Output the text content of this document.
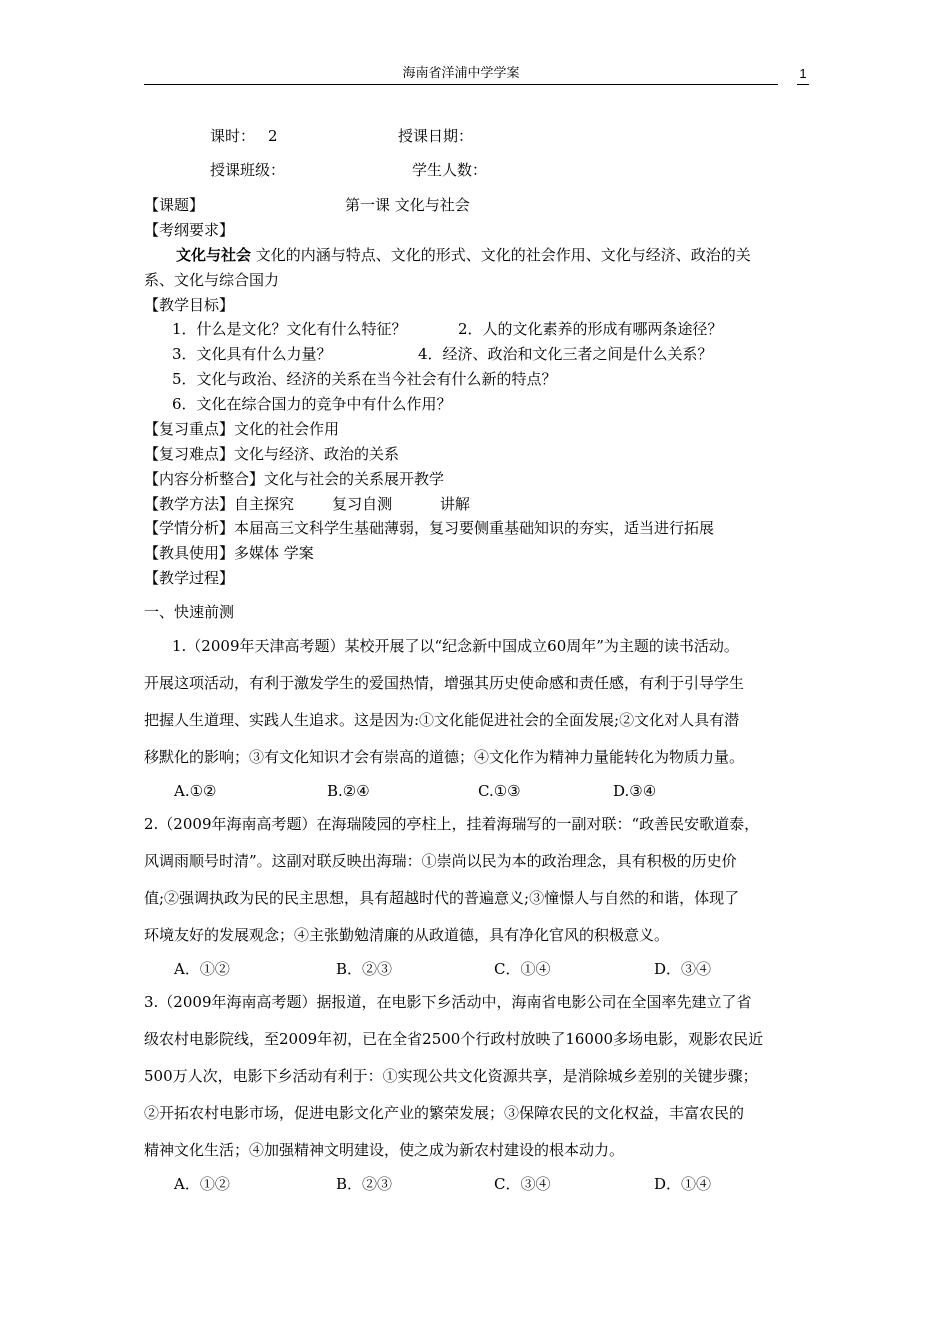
海南省洋浦中学学案	1
课时： 2	授课日期：
授课班级：	学生人数：
【课题】	第一课 文化与社会
【考纲要求】
文化与社会 文化的内涵与特点、文化的形式、文化的社会作用、文化与经济、政治的关
系、文化与综合国力
【教学目标】
1．什么是文化？文化有什么特征？	2．人的文化素养的形成有哪两条途径？
3．文化具有什么力量？	4．经济、政治和文化三者之间是什么关系？
5．文化与政治、经济的关系在当今社会有什么新的特点？
6．文化在综合国力的竞争中有什么作用？
【复习重点】文化的社会作用
【复习难点】文化与经济、政治的关系
【内容分析整合】文化与社会的关系展开教学
【教学方法】自主探究        复习自测          讲解
【学情分析】本届高三文科学生基础薄弱，复习要侧重基础知识的夯实，适当进行拓展
【教具使用】多媒体 学案
【教学过程】
一、快速前测
1.（2009年天津高考题）某校开展了以“纪念新中国成立60周年”为主题的读书活动。
开展这项活动，有利于激发学生的爱国热情，增强其历史使命感和责任感，有利于引导学生
把握人生道理、实践人生追求。这是因为:①文化能促进社会的全面发展;②文化对人具有潜
移默化的影响；③有文化知识才会有崇高的道德；④文化作为精神力量能转化为物质力量。
A.①②	B.②④	C.①③	D.③④
2.（2009年海南高考题）在海瑞陵园的亭柱上，挂着海瑞写的一副对联：“政善民安歌道泰，
风调雨顺号时清”。这副对联反映出海瑞：①崇尚以民为本的政治理念，具有积极的历史价
值;②强调执政为民的民主思想，具有超越时代的普遍意义;③憧憬人与自然的和谐，体现了
环境友好的发展观念；④主张勤勉清廉的从政道德，具有净化官风的积极意义。
A．①②	B．②③	C．①④	D．③④
3.（2009年海南高考题）据报道，在电影下乡活动中，海南省电影公司在全国率先建立了省
级农村电影院线，至2009年初，已在全省2500个行政村放映了16000多场电影，观影农民近
500万人次，电影下乡活动有利于：①实现公共文化资源共享，是消除城乡差别的关键步骤；
②开拓农村电影市场，促进电影文化产业的繁荣发展；③保障农民的文化权益，丰富农民的
精神文化生活；④加强精神文明建设，使之成为新农村建设的根本动力。
A．①②	B．②③	C．③④	D．①④
